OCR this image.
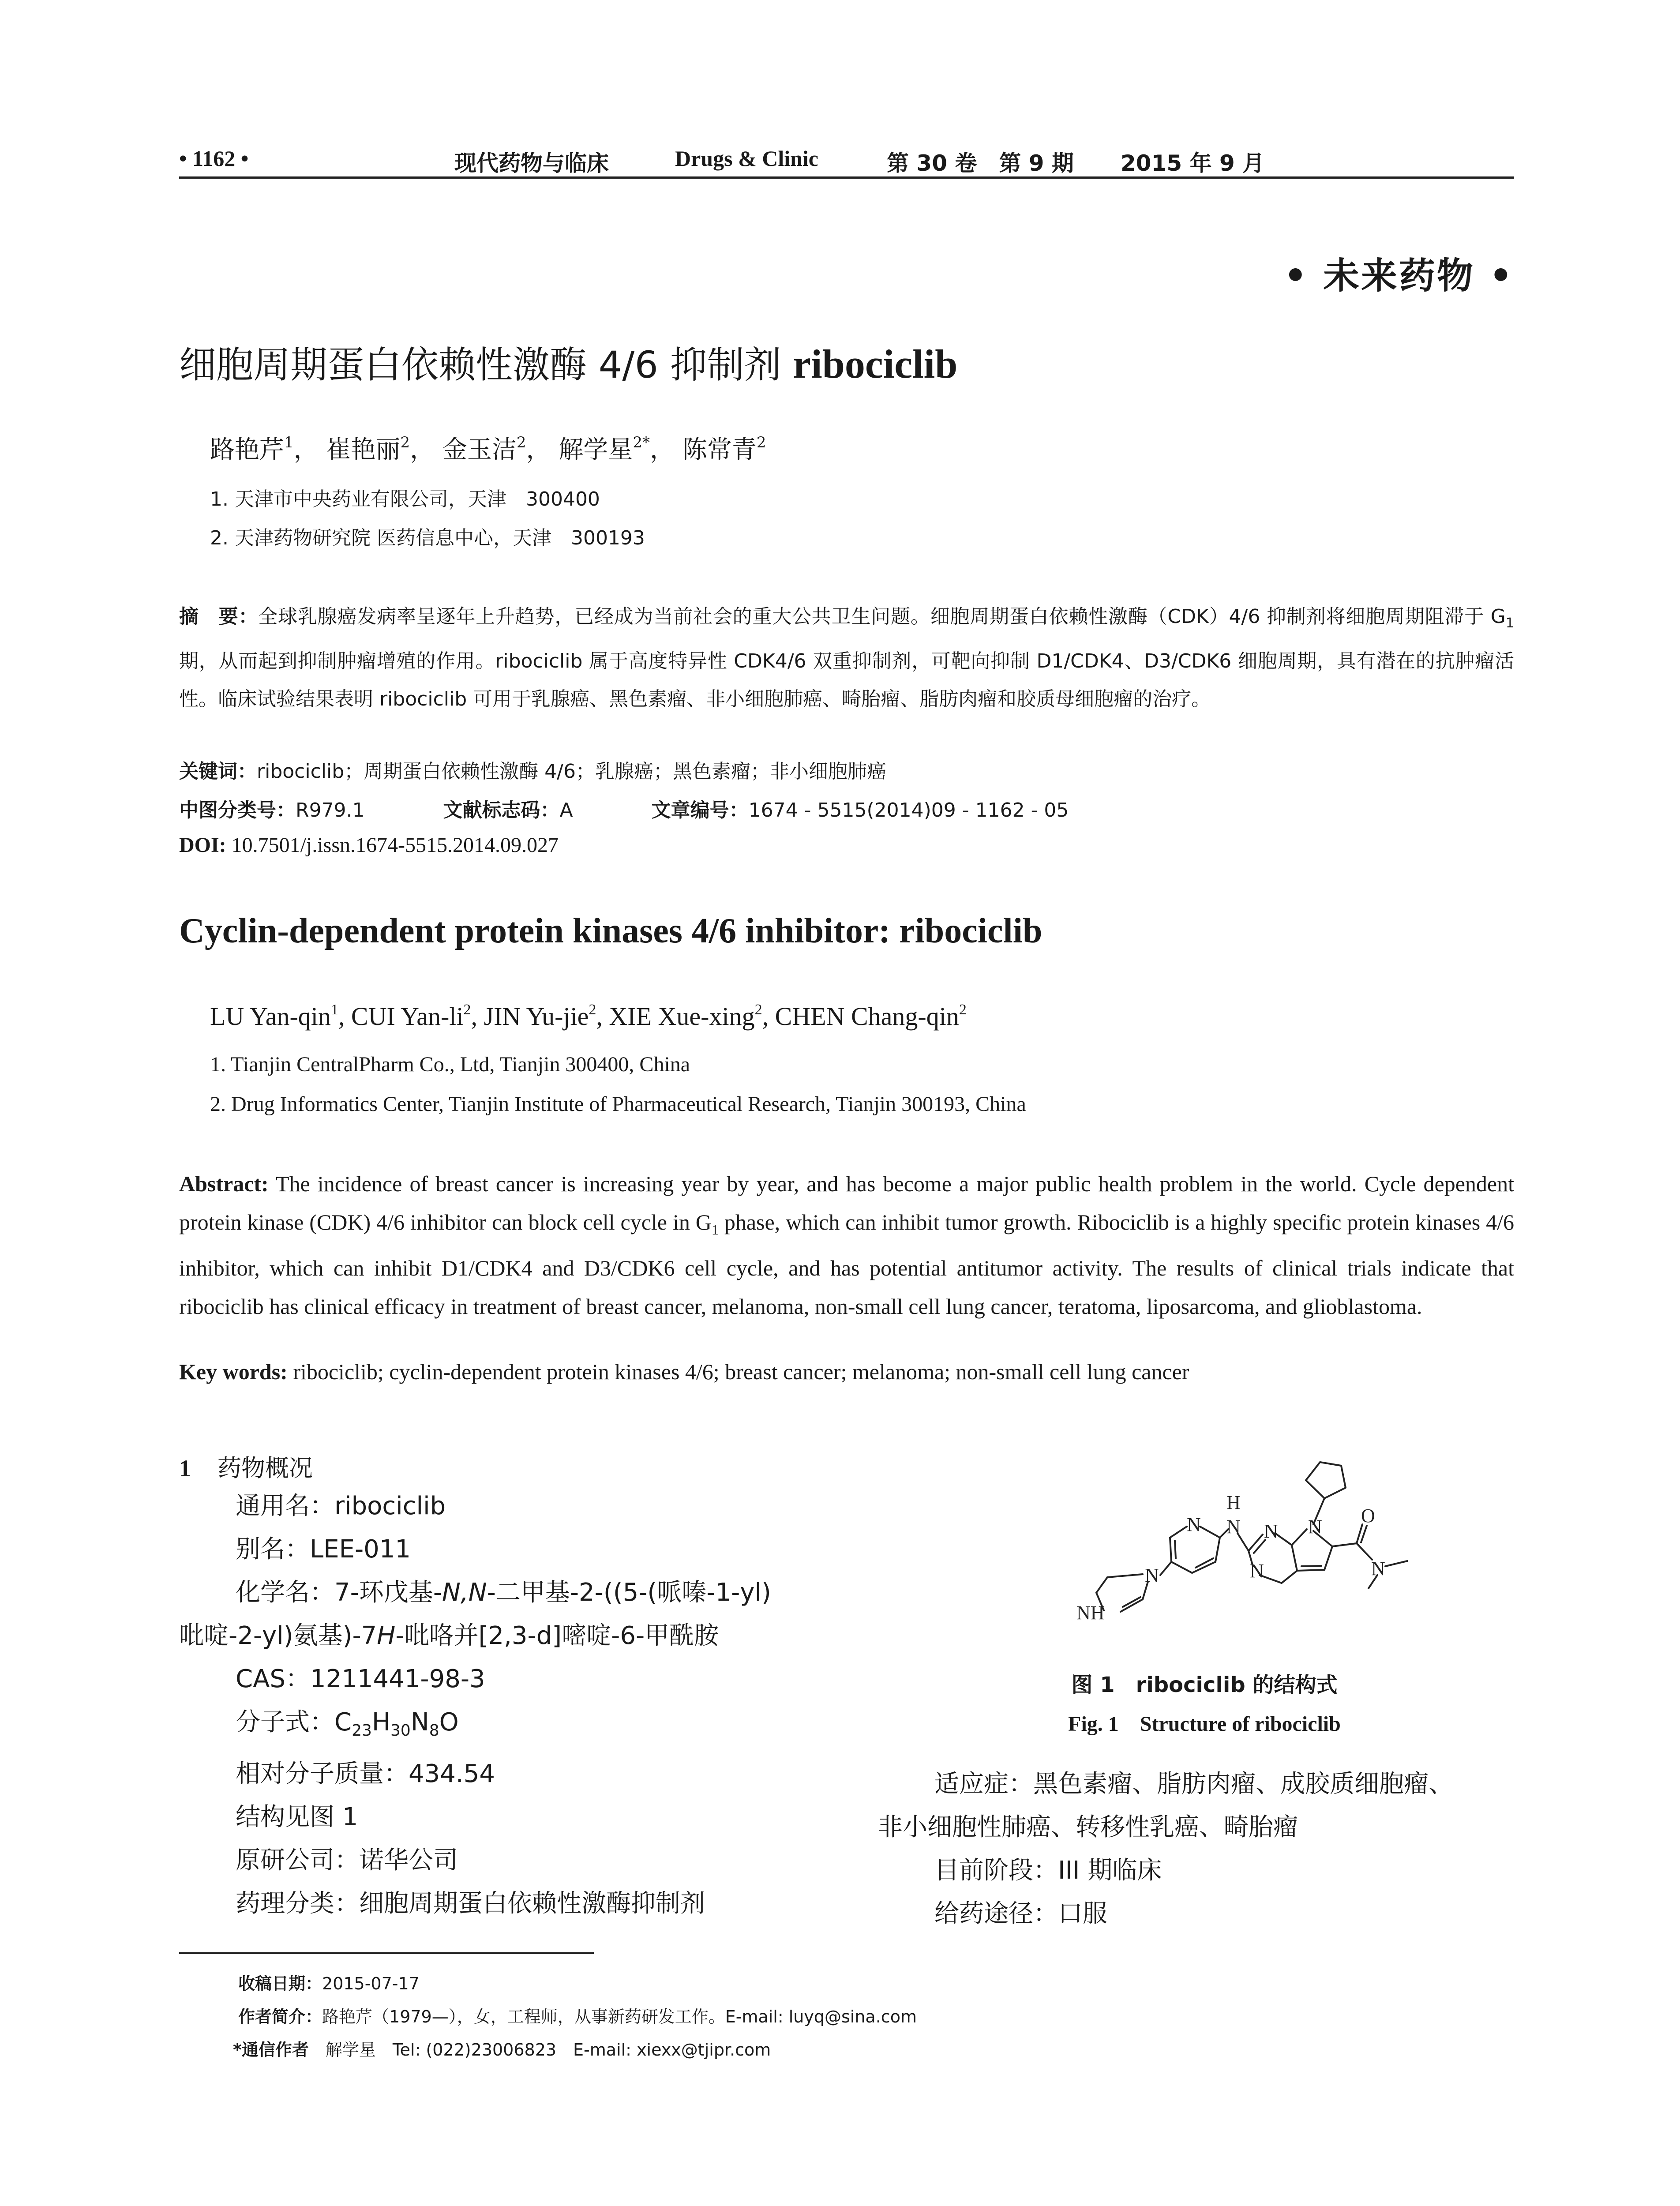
• 1162 •	现代药物与临床	Drugs & Clinic	第 30 卷　第 9 期 2015 年 9 月
• 未来药物 •
细胞周期蛋白依赖性激酶 4/6 抑制剂 ribociclib
路艳芹$^1$， 崔艳丽$^2$， 金玉洁$^2$， 解学星$^{2*}$， 陈常青$^2$
1. 天津市中央药业有限公司，天津　300400
2. 天津药物研究院 医药信息中心，天津　300193
摘　要：全球乳腺癌发病率呈逐年上升趋势，已经成为当前社会的重大公共卫生问题。细胞周期蛋白依赖性激酶（CDK）4/6 抑制剂将细胞周期阻滞于 $G_1$ 期，从而起到抑制肿瘤增殖的作用。ribociclib 属于高度特异性 CDK4/6 双重抑制剂，可靶向抑制 D1/CDK4、D3/CDK6 细胞周期，具有潜在的抗肿瘤活性。临床试验结果表明 ribociclib 可用于乳腺癌、黑色素瘤、非小细胞肺癌、畸胎瘤、脂肪肉瘤和胶质母细胞瘤的治疗。
关键词：ribociclib；周期蛋白依赖性激酶 4/6；乳腺癌；黑色素瘤；非小细胞肺癌
中图分类号：R979.1	文献标志码：A	文章编号：1674 - 5515(2014)09 - 1162 - 05
DOI: 10.7501/j.issn.1674-5515.2014.09.027
Cyclin-dependent protein kinases 4/6 inhibitor: ribociclib
LU Yan-qin$^1$, CUI Yan-$li^2$, JIN Yu-jie$^2$, XIE Xue-xing$^2$, CHEN Chang-qin$^2$
1. Tianjin CentralPharm Co., Ltd, Tianjin 300400, China
2. Drug Informatics Center, Tianjin Institute of Pharmaceutical Research, Tianjin 300193, China
Abstract: The incidence of breast cancer is increasing year by year, and has become a major public health problem in the world. Cycle dependent protein kinase (CDK) 4/6 inhibitor can block cell cycle in $G_1$ phase, which can inhibit tumor growth. Ribociclib is a highly specific protein kinases 4/6 inhibitor, which can inhibit D1/CDK4 and D3/CDK6 cell cycle, and has potential antitumor activity. The results of clinical trials indicate that ribociclib has clinical efficacy in treatment of breast cancer, melanoma, non-small cell lung cancer, teratoma, liposarcoma, and glioblastoma.
Key words: ribociclib; cyclin-dependent protein kinases 4/6; breast cancer; melanoma; non-small cell lung cancer
1 药物概况
通用名：ribociclib
别名：LEE-011
化学名：7-环戊基-N,N-二甲基-2-((5-(哌嗪-1-yl)
吡啶-2-yl)氨基)-7H-吡咯并[2,3-d]嘧啶-6-甲酰胺
CAS：1211441-98-3
分子式：$C_{23}H_{30}N_8O$
相对分子质量：434.54
结构见图 1
原研公司：诺华公司
药理分类：细胞周期蛋白依赖性激酶抑制剂
N
N
N
H
N
N	O
N
N
NH
图 1　ribociclib 的结构式
Fig. 1　Structure of ribociclib
适应症：黑色素瘤、脂肪肉瘤、成胶质细胞瘤、
非小细胞性肺癌、转移性乳癌、畸胎瘤
目前阶段：III 期临床
给药途径：口服
收稿日期：2015-07-17
作者简介：路艳芹（1979—），女，工程师，从事新药研发工作。E-mail: luyq@sina.com
*通信作者　解学星　Tel: (022)23006823　E-mail: xiexx@tjipr.com
